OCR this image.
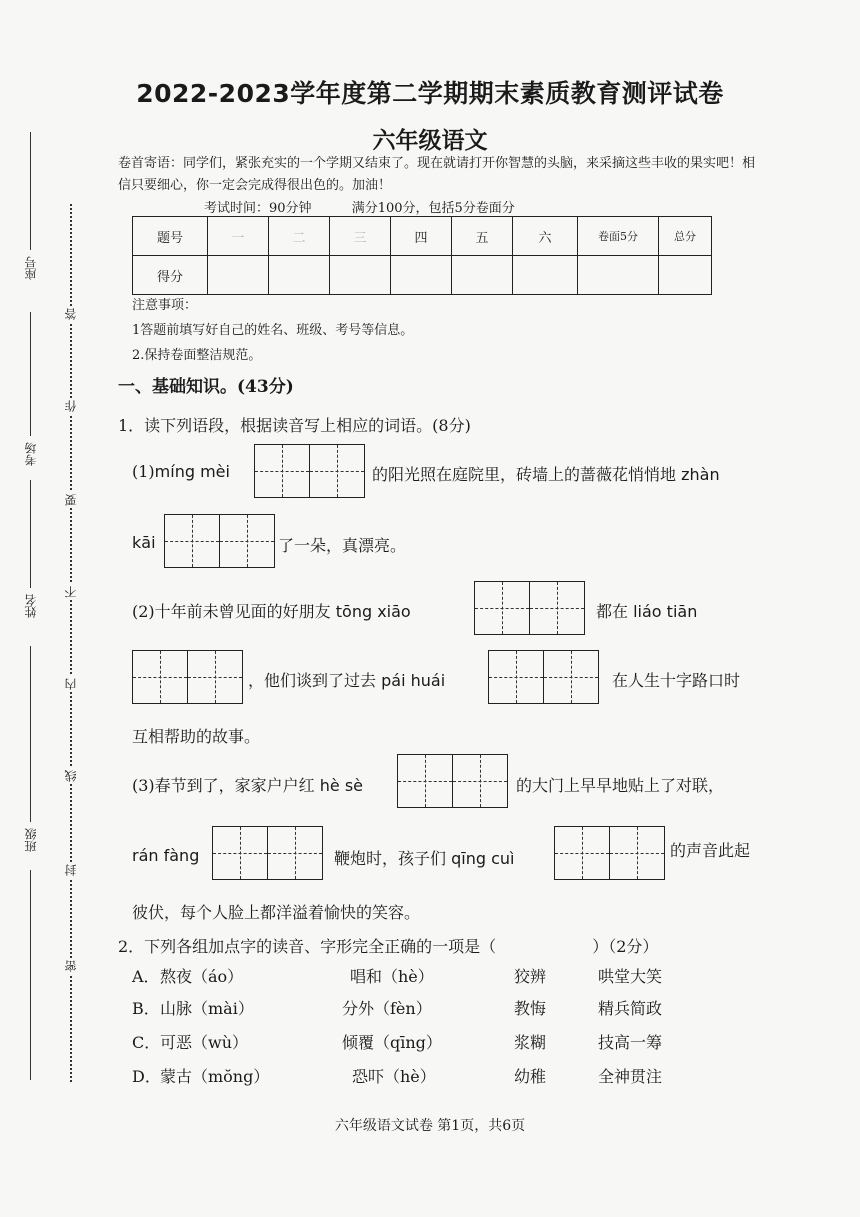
座号
考场
姓名
班级
答
作
要
不
内
线
封
密
2022-2023学年度第二学期期末素质教育测评试卷
六年级语文
卷首寄语：同学们，紧张充实的一个学期又结束了。现在就请打开你智慧的头脑，来采摘这些丰收的果实吧！相信只要细心，你一定会完成得很出色的。加油！
考试时间：90分钟	满分100分，包括5分卷面分
题号	一	二	三	四	五	六	卷面5分	总分
得分								
注意事项：
1答题前填写好自己的姓名、班级、考号等信息。
2.保持卷面整洁规范。
一、基础知识。(43分)
1．读下列语段，根据读音写上相应的词语。(8分)
(1)míng mèi	的阳光照在庭院里，砖墙上的蔷薇花悄悄地 zhàn
kāi	了一朵，真漂亮。
(2)十年前未曾见面的好朋友 tōng xiāo	都在 liáo tiān
，他们谈到了过去 pái huái	在人生十字路口时
互相帮助的故事。
(3)春节到了，家家户户红 hè sè	的大门上早早地贴上了对联，
rán fàng	鞭炮时，孩子们 qīng cuì	的声音此起
彼伏，每个人脸上都洋溢着愉快的笑容。
2．下列各组加点字的读音、字形完全正确的一项是（	）（2分）
A． 熬夜（áo）	唱和（hè）	狡辨	哄堂大笑
B． 山脉（mài）	分外（fèn）	教悔	精兵简政
C． 可恶（wù）	倾覆（qīng）	浆糊	技高一筹
D． 蒙古（mŏng）	恐吓（hè）	幼稚	全神贯注
六年级语文试卷 第1页，共6页
